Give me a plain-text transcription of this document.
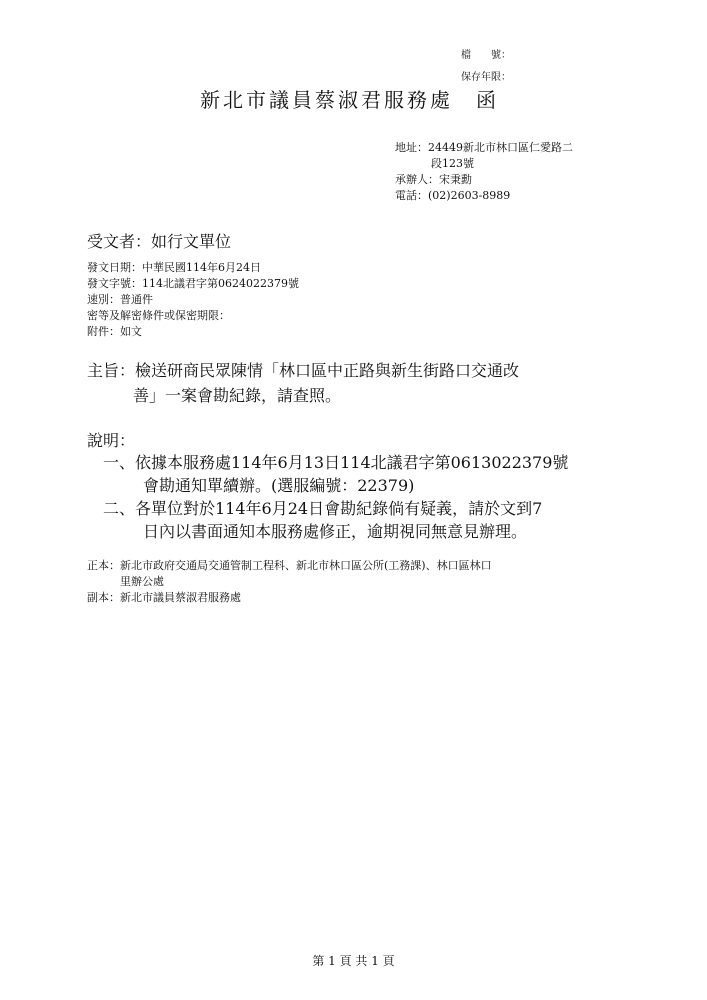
檔　　號：
保存年限：
新北市議員蔡淑君服務處　函
地址：24449新北市林口區仁愛路二
段123號
承辦人：宋秉勳
電話：(02)2603-8989
受文者：如行文單位
發文日期：中華民國114年6月24日
發文字號：114北議君字第0624022379號
速別：普通件
密等及解密條件或保密期限：
附件：如文
主旨：檢送研商民眾陳情「林口區中正路與新生街路口交通改
善」一案會勘紀錄，請查照。
說明：
一、依據本服務處114年6月13日114北議君字第0613022379號
會勘通知單續辦。(選服編號：22379)
二、各單位對於114年6月24日會勘紀錄倘有疑義，請於文到7
日內以書面通知本服務處修正，逾期視同無意見辦理。
正本：新北市政府交通局交通管制工程科、新北市林口區公所(工務課)、林口區林口
里辦公處
副本：新北市議員蔡淑君服務處
第 1 頁 共 1 頁
